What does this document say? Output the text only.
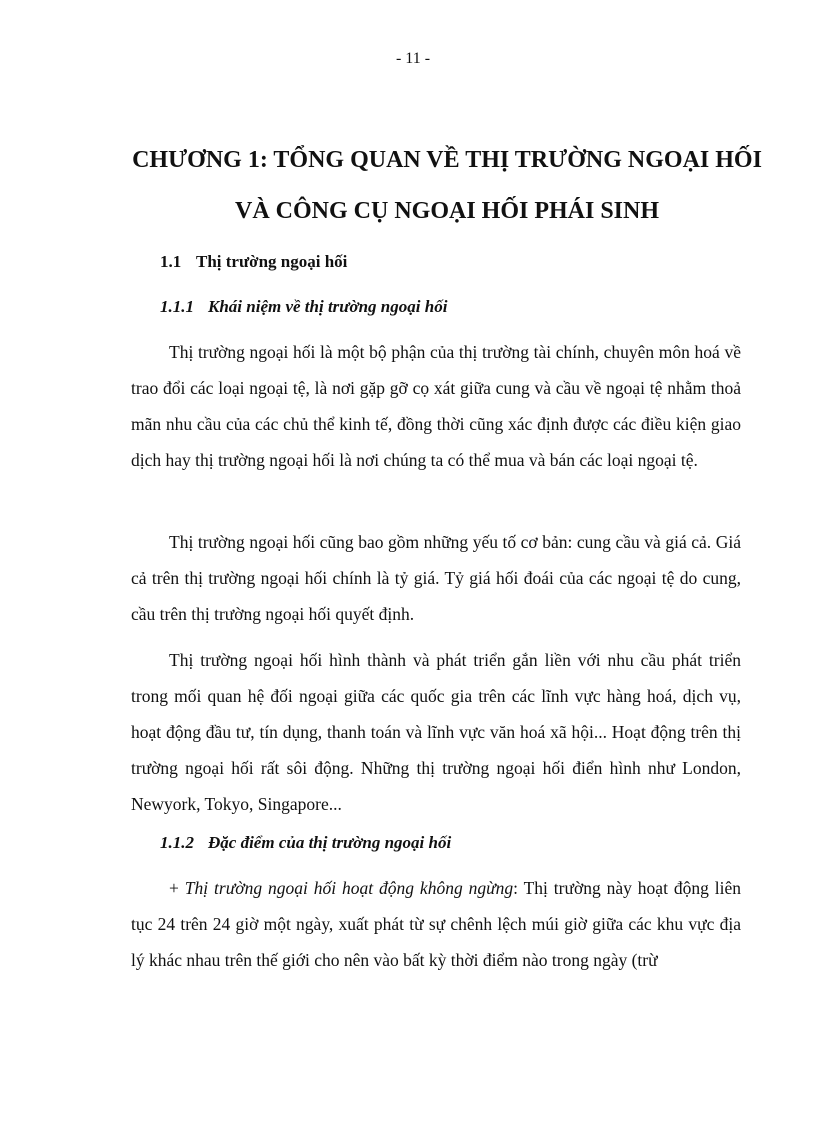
- 11 -
CHƯƠNG 1: TỔNG QUAN VỀ THỊ TRƯỜNG NGOẠI HỐI
VÀ CÔNG CỤ NGOẠI HỐI PHÁI SINH
1.1 Thị trường ngoại hối
1.1.1 Khái niệm về thị trường ngoại hối

Thị trường ngoại hối là một bộ phận của thị trường tài chính, chuyên môn hoá về trao đổi các loại ngoại tệ, là nơi gặp gỡ cọ xát giữa cung và cầu về ngoại tệ nhằm thoả mãn nhu cầu của các chủ thể kinh tế, đồng thời cũng xác định được các điều kiện giao dịch hay thị trường ngoại hối là nơi chúng ta có thể mua và bán các loại ngoại tệ.

Thị trường ngoại hối cũng bao gồm những yếu tố cơ bản: cung cầu và giá cả. Giá cả trên thị trường ngoại hối chính là tỷ giá. Tỷ giá hối đoái của các ngoại tệ do cung, cầu trên thị trường ngoại hối quyết định.

Thị trường ngoại hối hình thành và phát triển gắn liền với nhu cầu phát triển trong mối quan hệ đối ngoại giữa các quốc gia trên các lĩnh vực hàng hoá, dịch vụ, hoạt động đầu tư, tín dụng, thanh toán và lĩnh vực văn hoá xã hội... Hoạt động trên thị trường ngoại hối rất sôi động. Những thị trường ngoại hối điển hình như London, Newyork, Tokyo, Singapore...

1.1.2 Đặc điểm của thị trường ngoại hối

+ Thị trường ngoại hối hoạt động không ngừng: Thị trường này hoạt động liên tục 24 trên 24 giờ một ngày, xuất phát từ sự chênh lệch múi giờ giữa các khu vực địa lý khác nhau trên thế giới cho nên vào bất kỳ thời điểm nào trong ngày (trừ
